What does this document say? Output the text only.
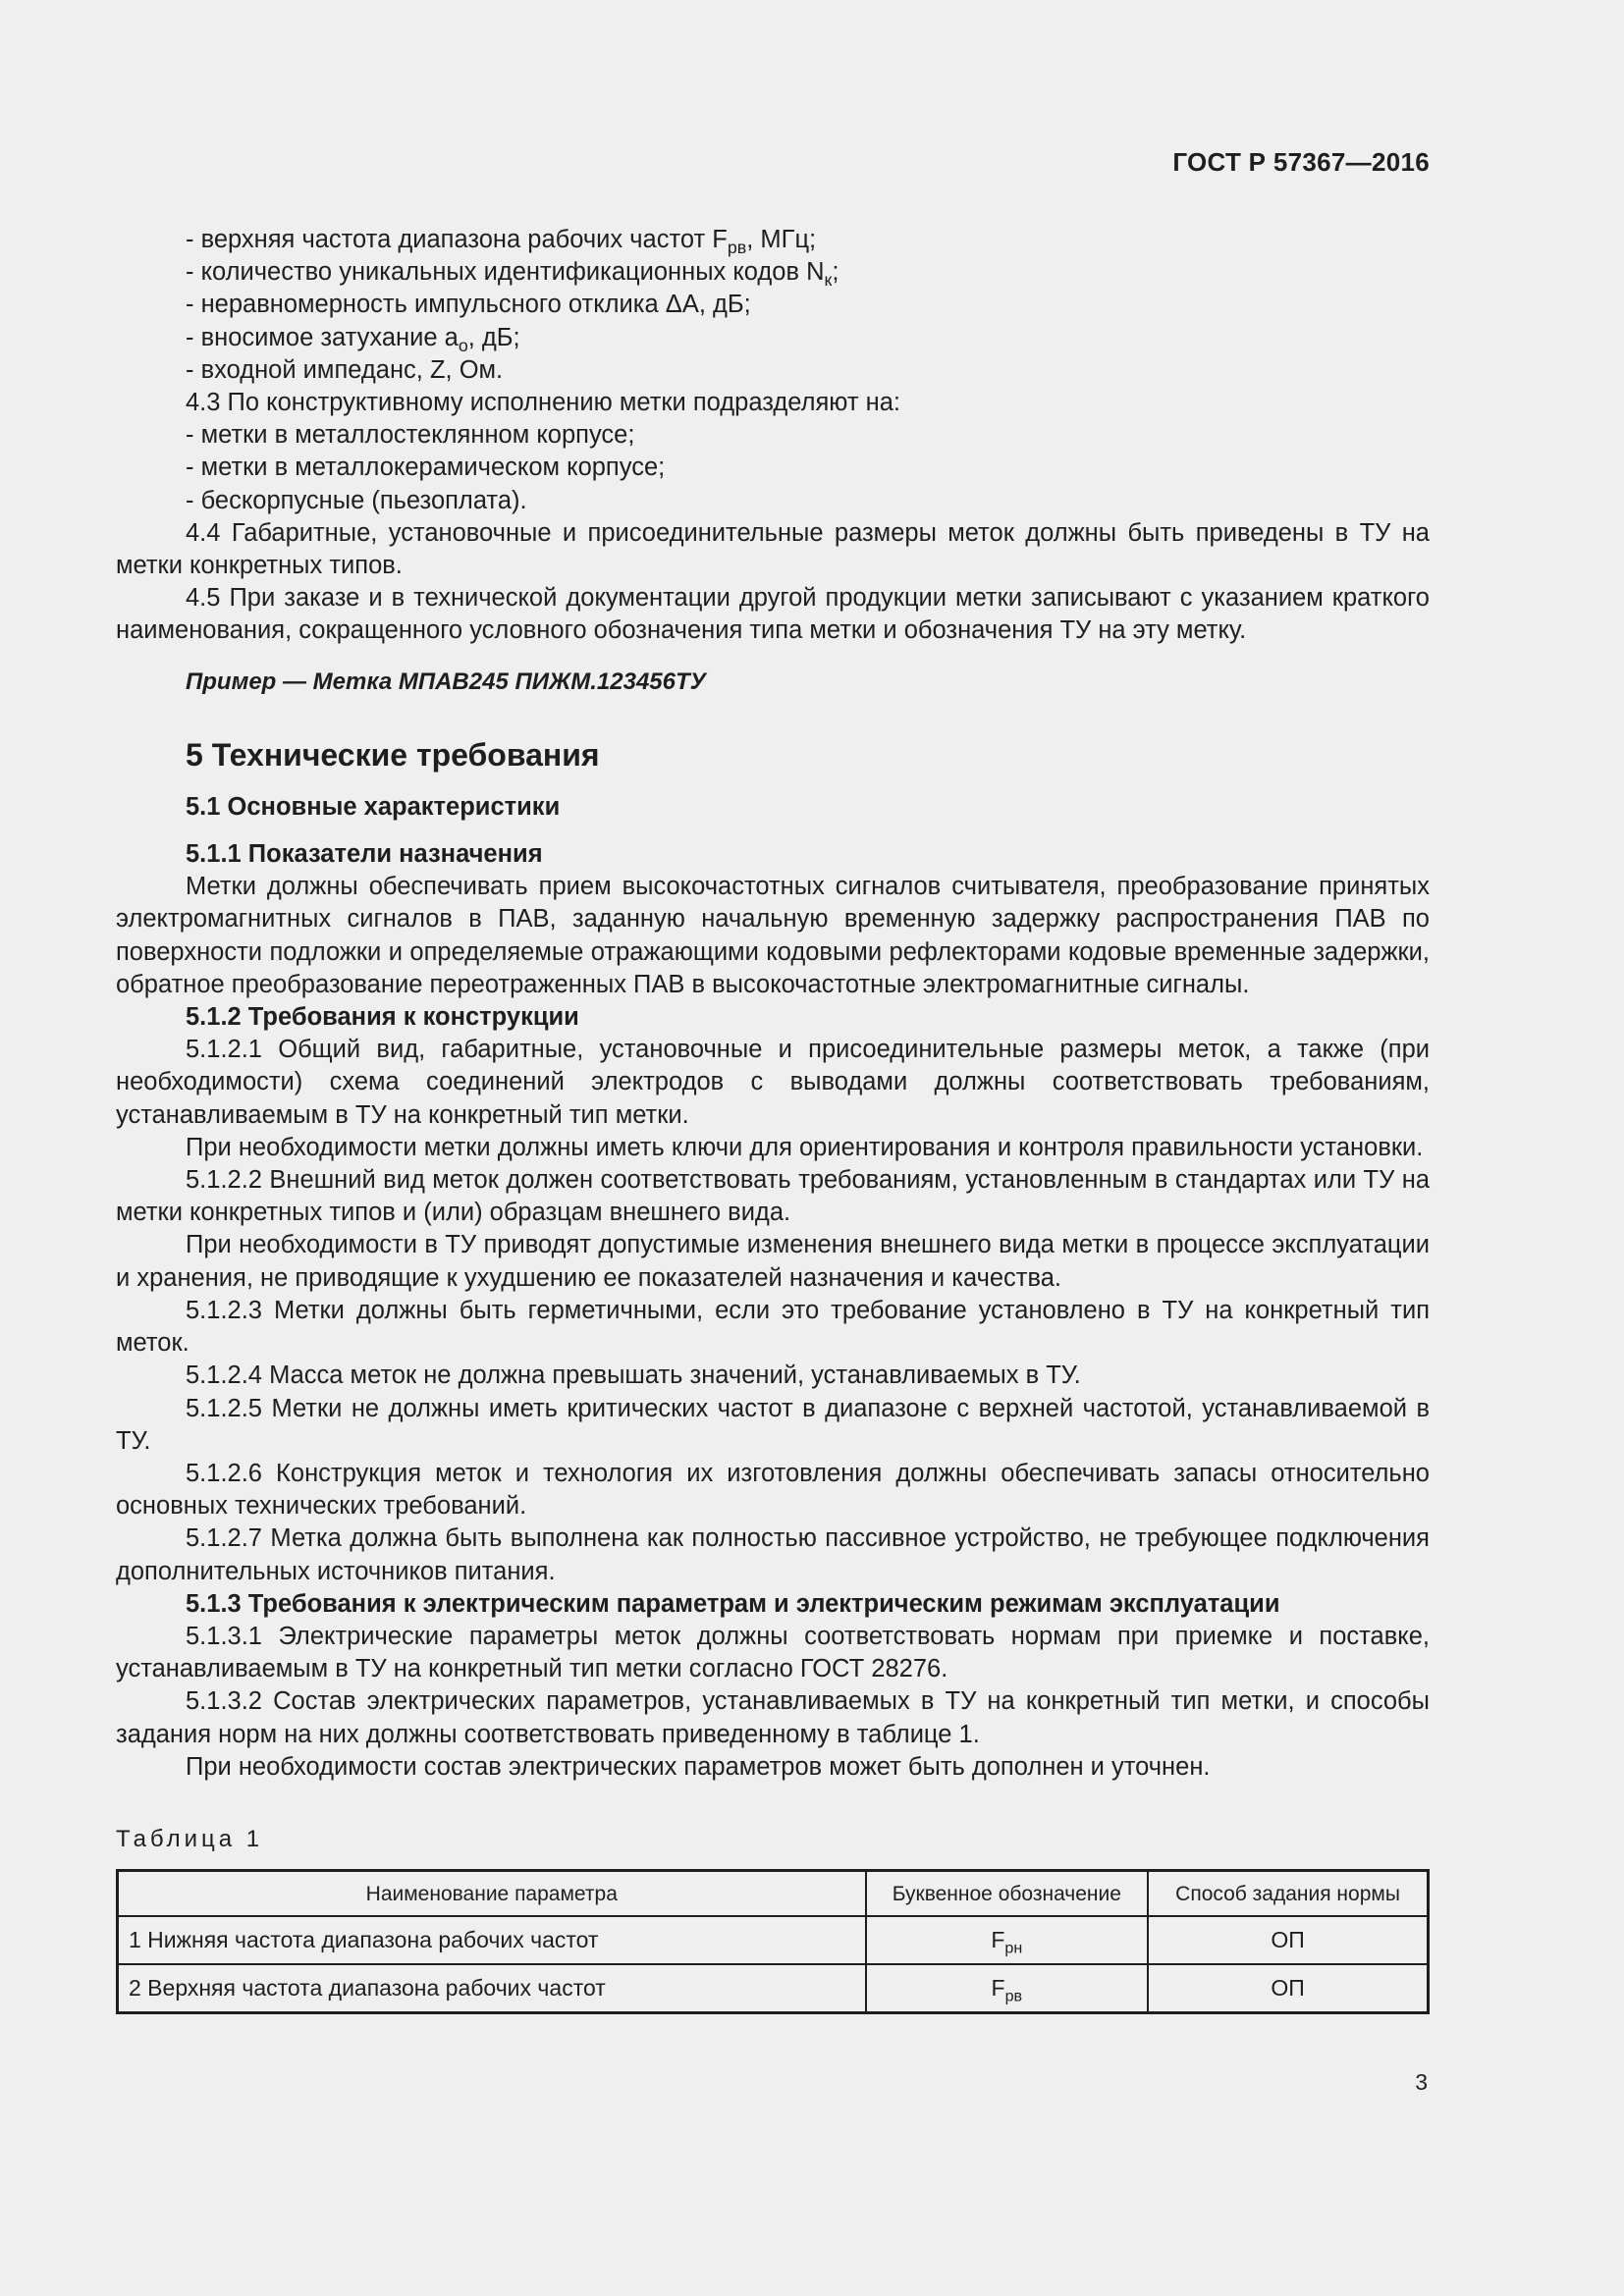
ГОСТ Р 57367—2016

- верхняя частота диапазона рабочих частот $F_{рв}$, МГц;

- количество уникальных идентификационных кодов $N_к$;

- неравномерность импульсного отклика ΔА, дБ;

- вносимое затухание $а_о$, дБ;

- входной импеданс, Z, Ом.

4.3 По конструктивному исполнению метки подразделяют на:

- метки в металлостеклянном корпусе;

- метки в металлокерамическом корпусе;

- бескорпусные (пьезоплата).

4.4 Габаритные, установочные и присоединительные размеры меток должны быть приведены в ТУ на метки конкретных типов.

4.5 При заказе и в технической документации другой продукции метки записывают с указанием краткого наименования, сокращенного условного обозначения типа метки и обозначения ТУ на эту метку.

Пример — Метка МПАВ245 ПИЖМ.123456ТУ

5 Технические требования

5.1 Основные характеристики

5.1.1 Показатели назначения

Метки должны обеспечивать прием высокочастотных сигналов считывателя, преобразование принятых электромагнитных сигналов в ПАВ, заданную начальную временную задержку распространения ПАВ по поверхности подложки и определяемые отражающими кодовыми рефлекторами кодовые временные задержки, обратное преобразование переотраженных ПАВ в высокочастотные электромагнитные сигналы.

5.1.2 Требования к конструкции

5.1.2.1 Общий вид, габаритные, установочные и присоединительные размеры меток, а также (при необходимости) схема соединений электродов с выводами должны соответствовать требованиям, устанавливаемым в ТУ на конкретный тип метки.

При необходимости метки должны иметь ключи для ориентирования и контроля правильности установки.

5.1.2.2 Внешний вид меток должен соответствовать требованиям, установленным в стандартах или ТУ на метки конкретных типов и (или) образцам внешнего вида.

При необходимости в ТУ приводят допустимые изменения внешнего вида метки в процессе эксплуатации и хранения, не приводящие к ухудшению ее показателей назначения и качества.

5.1.2.3 Метки должны быть герметичными, если это требование установлено в ТУ на конкретный тип меток.

5.1.2.4 Масса меток не должна превышать значений, устанавливаемых в ТУ.

5.1.2.5 Метки не должны иметь критических частот в диапазоне с верхней частотой, устанавливаемой в ТУ.

5.1.2.6 Конструкция меток и технология их изготовления должны обеспечивать запасы относительно основных технических требований.

5.1.2.7 Метка должна быть выполнена как полностью пассивное устройство, не требующее подключения дополнительных источников питания.

5.1.3 Требования к электрическим параметрам и электрическим режимам эксплуатации

5.1.3.1 Электрические параметры меток должны соответствовать нормам при приемке и поставке, устанавливаемым в ТУ на конкретный тип метки согласно ГОСТ 28276.

5.1.3.2 Состав электрических параметров, устанавливаемых в ТУ на конкретный тип метки, и способы задания норм на них должны соответствовать приведенному в таблице 1.

При необходимости состав электрических параметров может быть дополнен и уточнен.

Таблица 1

Наименование параметра	Буквенное обозначение	Способ задания нормы
1 Нижняя частота диапазона рабочих частот	$F_{рн}$	ОП
2 Верхняя частота диапазона рабочих частот	$F_{рв}$	ОП
3
